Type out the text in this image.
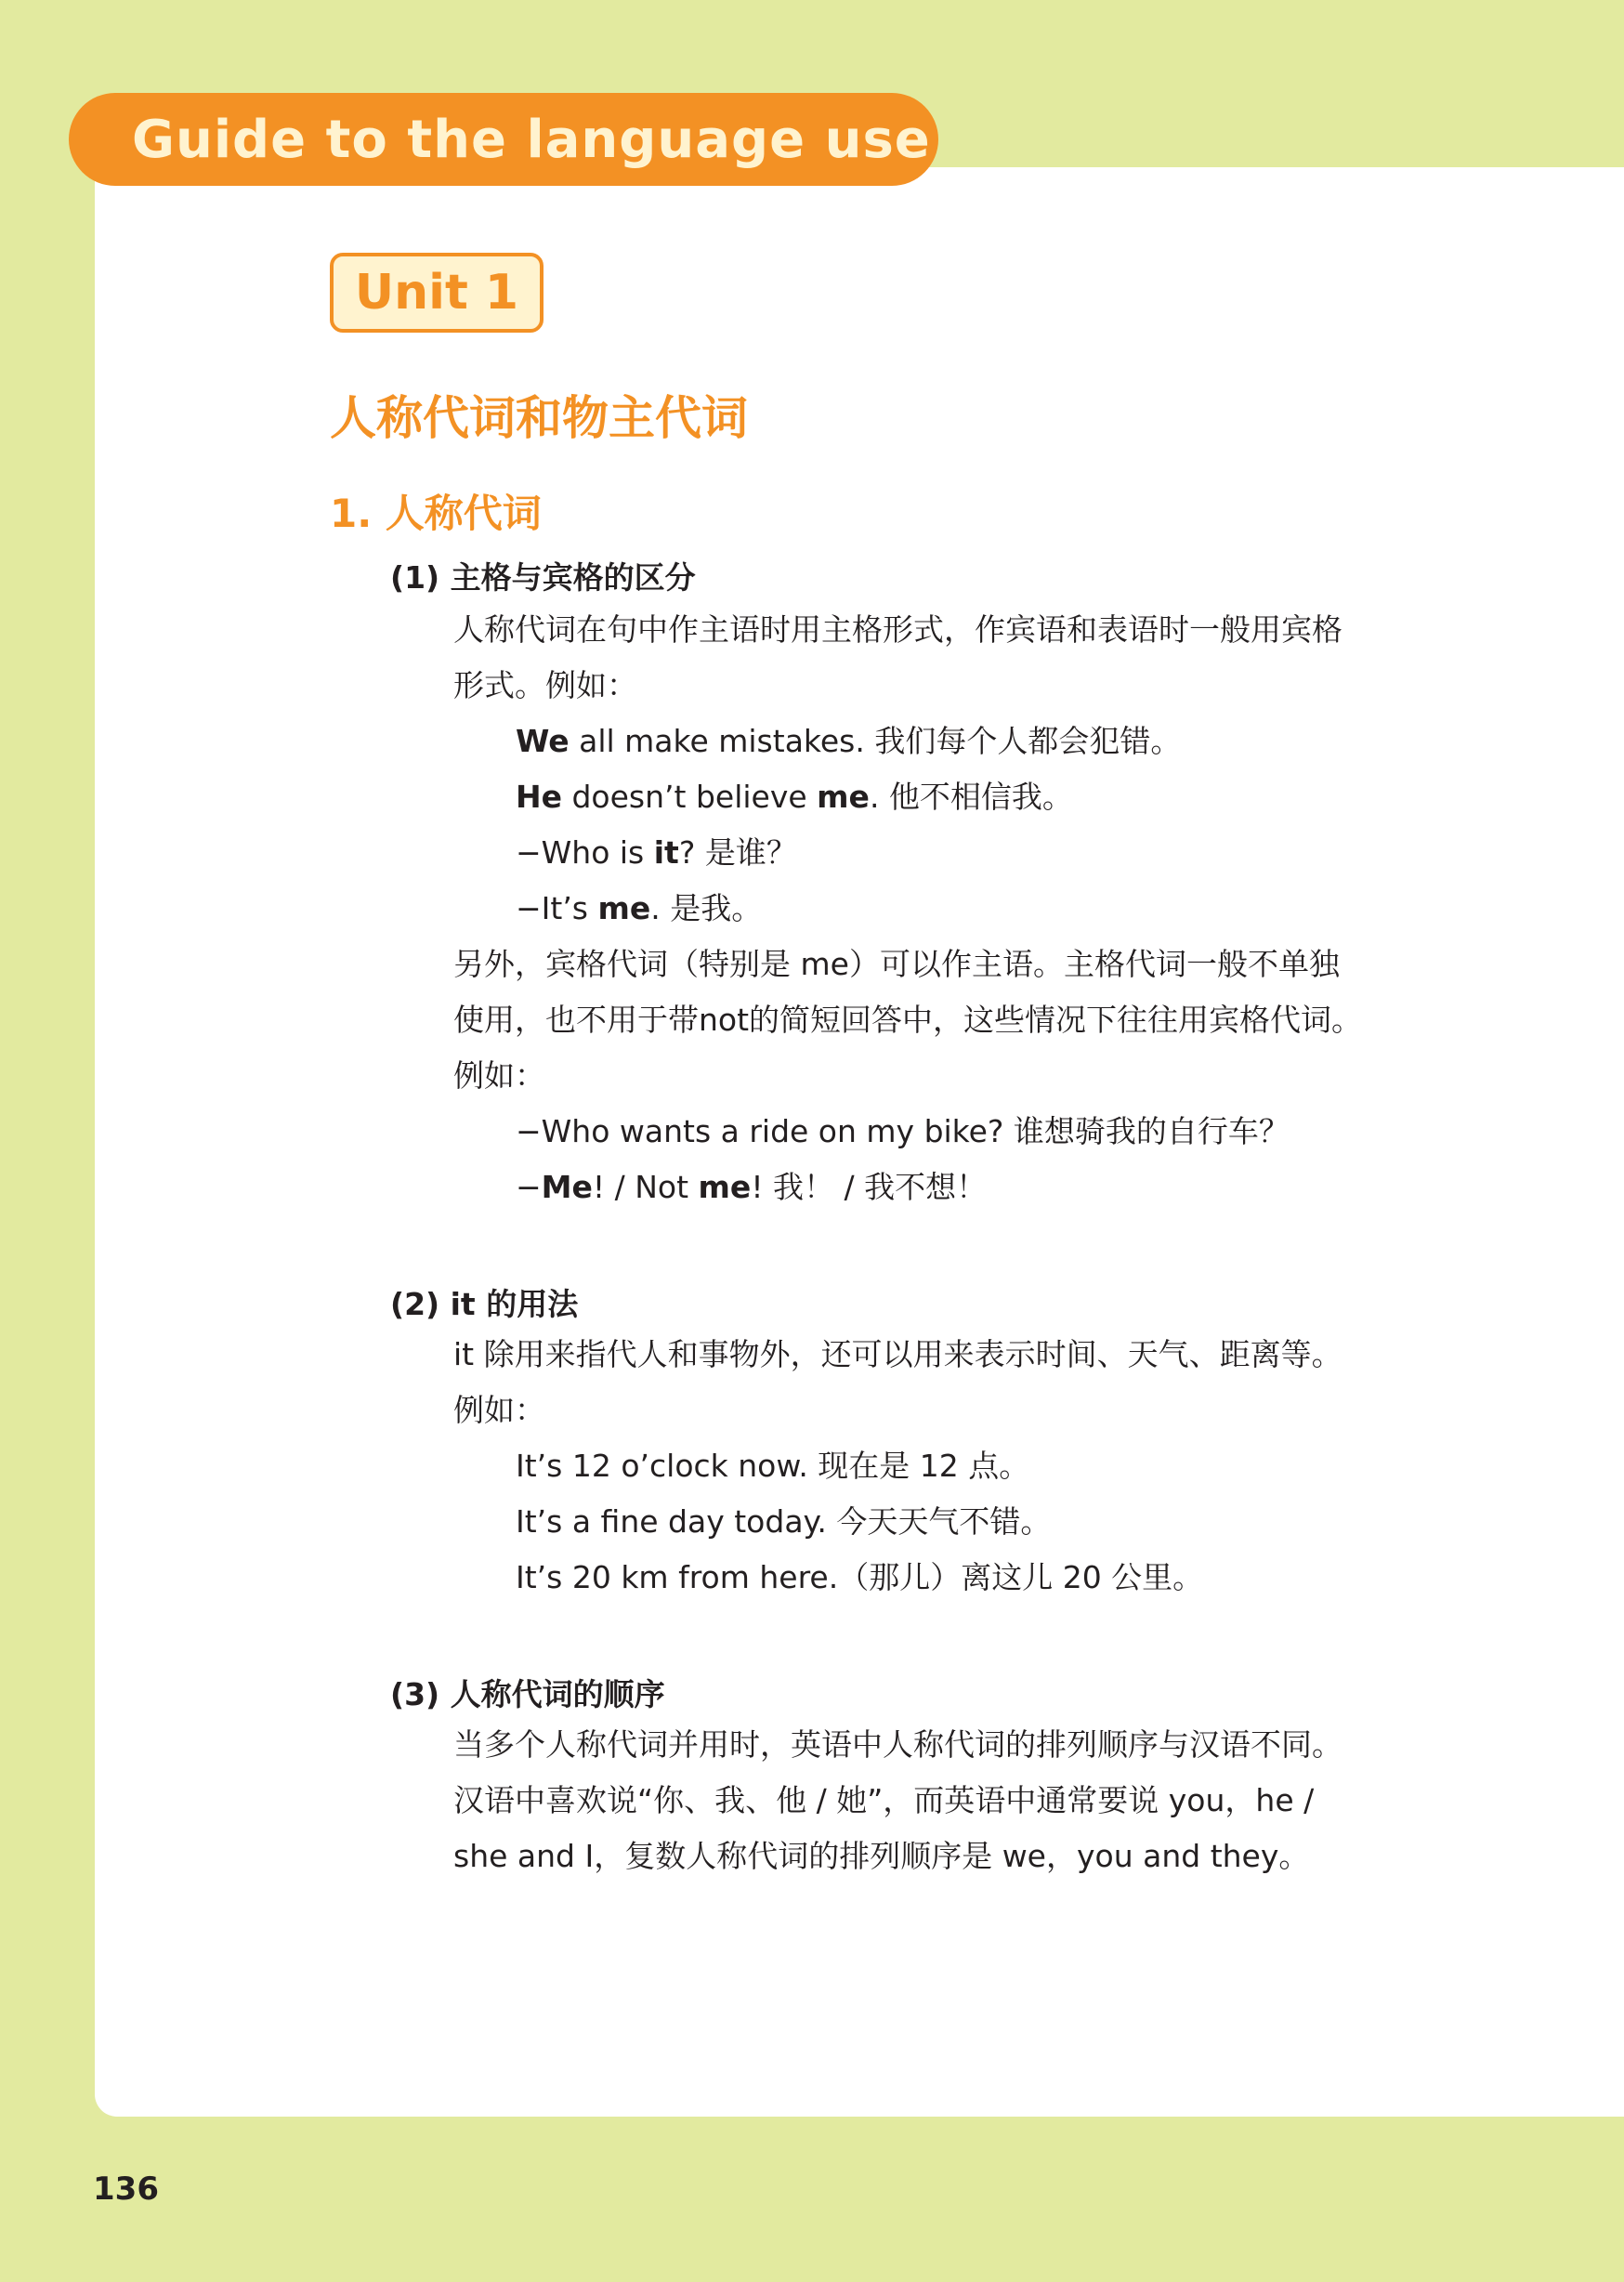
Guide to the language use
Unit 1
人称代词和物主代词
1. 人称代词
(1) 主格与宾格的区分

人称代词在句中作主语时用主格形式，作宾语和表语时一般用宾格

形式。例如：

We all make mistakes. 我们每个人都会犯错。

He doesn’t believe me. 他不相信我。

−Who is it? 是谁？

−It’s me. 是我。

另外，宾格代词（特别是 me）可以作主语。主格代词一般不单独

使用，也不用于带not的简短回答中，这些情况下往往用宾格代词。

例如：

−Who wants a ride on my bike? 谁想骑我的自行车？

−Me! / Not me! 我！ / 我不想！

(2) it 的用法

it 除用来指代人和事物外，还可以用来表示时间、天气、距离等。

例如：

It’s 12 o’clock now. 现在是 12 点。

It’s a fine day today. 今天天气不错。

It’s 20 km from here.（那儿）离这儿 20 公里。

(3) 人称代词的顺序

当多个人称代词并用时，英语中人称代词的排列顺序与汉语不同。

汉语中喜欢说“你、我、他 / 她”，而英语中通常要说 you，he /

she and I，复数人称代词的排列顺序是 we，you and they。

136
